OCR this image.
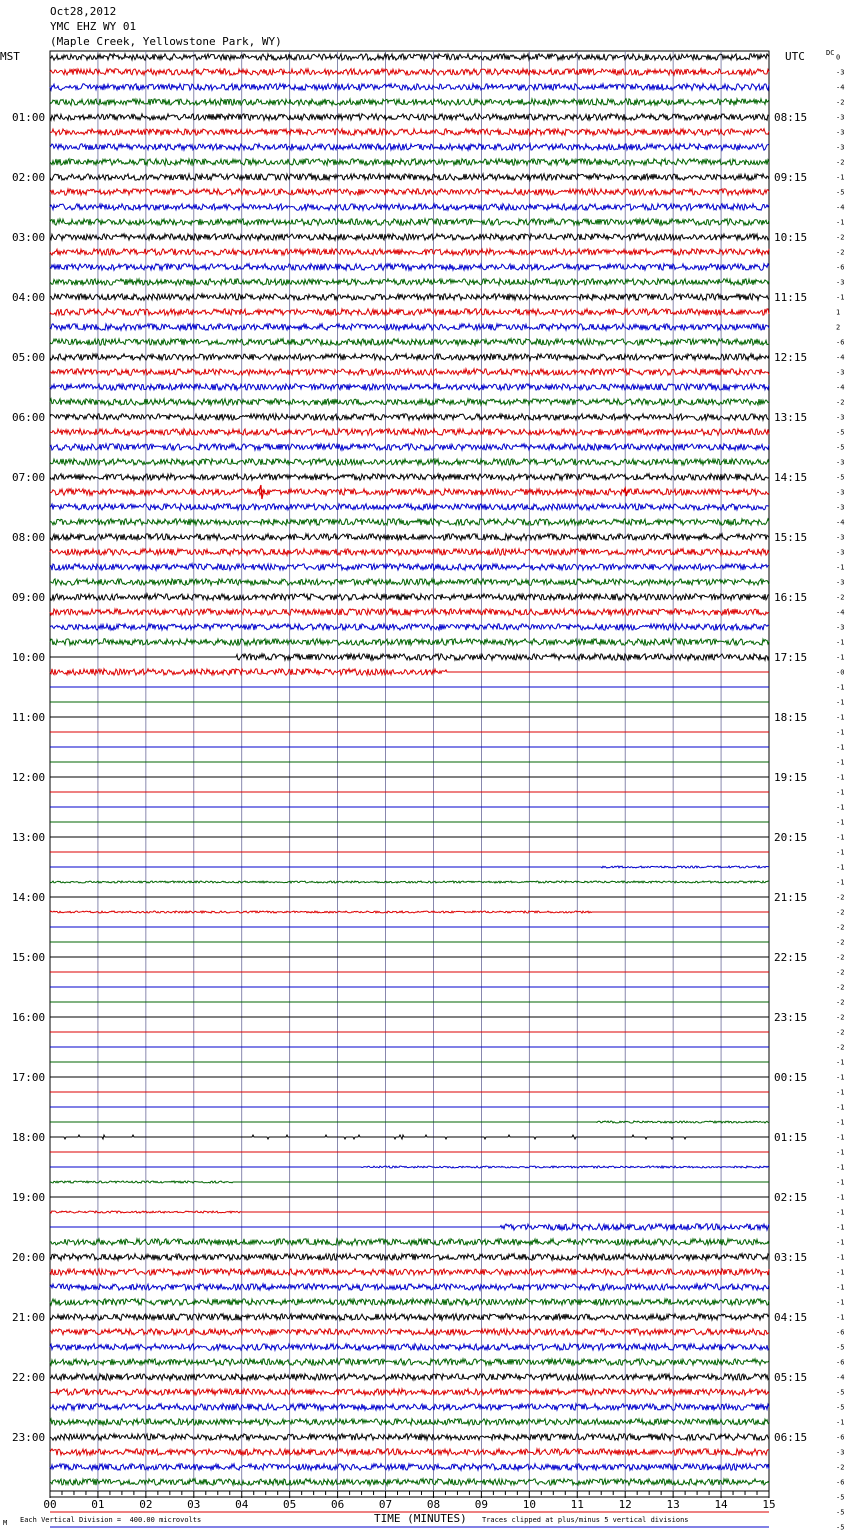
Oct28,2012
YMC EHZ WY 01
(Maple Creek, Yellowstone Park, WY)
MST	UTC	DC
0
-3
-4
-2
-3
-3
-3
-2
-1
-5
-4
-1
-2
-2
-6
-3
-1
1
2
-6
-4
-3
-4
-2
-3
-5
-5
-3
-5
-3
-3
-4
-3
-3
-1
-3
-2
-4
-3
-1
-1
-0
-1
-1
-1
-1
-1
-1
-1
-1
-1
-1
-1
-1
-1
-1
-2
-2
-2
-2
-2
-2
-2
-2
-2
-2
-2
-1
-1
-1
-1
-1
-1
-1
-1
-1
-1
-1
-1
-1
-1
-1
-1
-1
-1
-6
-5
-6
-4
-5
-5
-1
-6
-3
-2
-6
-5
-5
-5
01:00
02:00
03:00
04:00
05:00
06:00
07:00
08:00
09:00
10:00
11:00
12:00
13:00
14:00
15:00
16:00
17:00
18:00
19:00
20:00
21:00
22:00
23:00
08:15
09:15
10:15
11:15
12:15
13:15
14:15
15:15
16:15
17:15
18:15
19:15
20:15
21:15
22:15
23:15
00:15
01:15
02:15
03:15
04:15
05:15
06:15
00	01	02	03	04	05	06	07	08	09	10	11	12	13	14	15
M Each Vertical Division =  400.00 microvolts	TIME (MINUTES) Traces clipped at plus/minus 5 vertical divisions
